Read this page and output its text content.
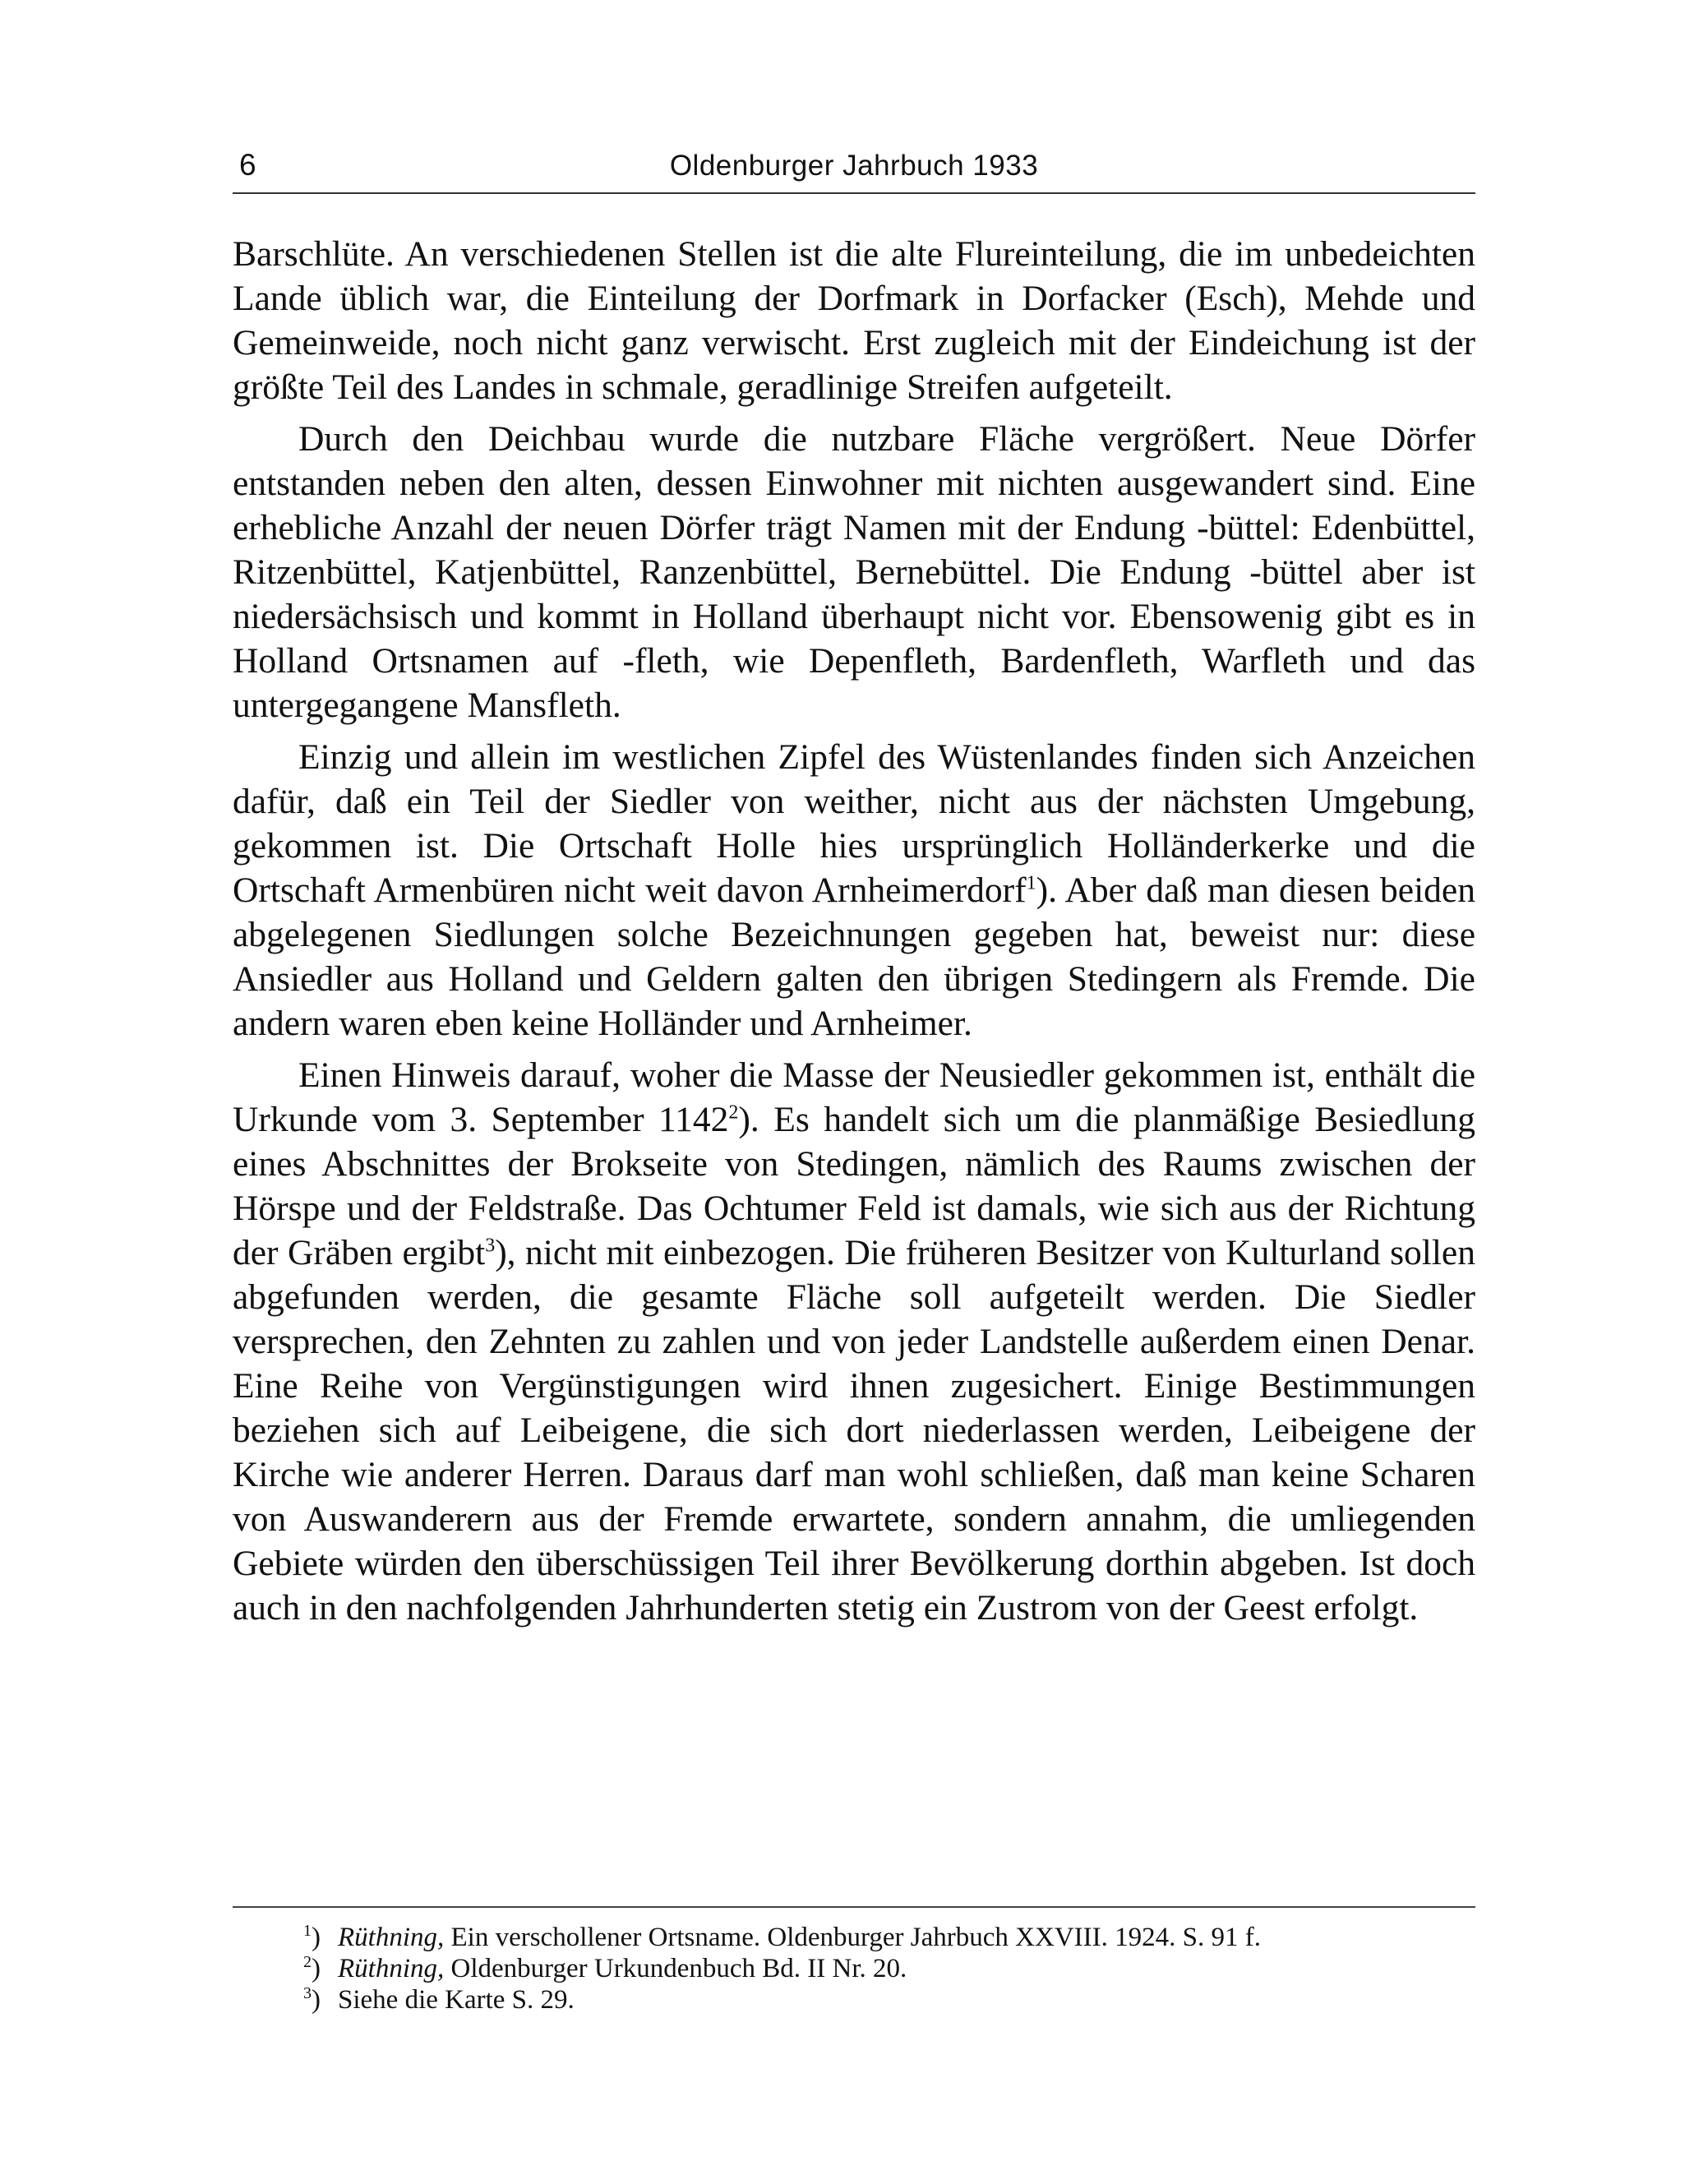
6	Oldenburger Jahrbuch 1933

Barschlüte. An verschiedenen Stellen ist die alte Flureinteilung, die im unbedeichten Lande üblich war, die Einteilung der Dorfmark in Dorfacker (Esch), Mehde und Gemeinweide, noch nicht ganz verwischt. Erst zugleich mit der Eindeichung ist der größte Teil des Landes in schmale, geradlinige Streifen aufgeteilt.

Durch den Deichbau wurde die nutzbare Fläche vergrößert. Neue Dörfer entstanden neben den alten, dessen Einwohner mit nichten ausgewandert sind. Eine erhebliche Anzahl der neuen Dörfer trägt Namen mit der Endung -büttel: Edenbüttel, Ritzenbüttel, Katjenbüttel, Ranzenbüttel, Bernebüttel. Die Endung -büttel aber ist niedersächsisch und kommt in Holland überhaupt nicht vor. Ebensowenig gibt es in Holland Ortsnamen auf -fleth, wie Depenfleth, Bardenfleth, Warfleth und das untergegangene Mansfleth.

Einzig und allein im westlichen Zipfel des Wüstenlandes finden sich Anzeichen dafür, daß ein Teil der Siedler von weither, nicht aus der nächsten Umgebung, gekommen ist. Die Ortschaft Holle hies ursprünglich Holländerkerke und die Ortschaft Armenbüren nicht weit davon Arnheimerdorf$^1$). Aber daß man diesen beiden abgelegenen Siedlungen solche Bezeichnungen gegeben hat, beweist nur: diese Ansiedler aus Holland und Geldern galten den übrigen Stedingern als Fremde. Die andern waren eben keine Holländer und Arnheimer.

Einen Hinweis darauf, woher die Masse der Neusiedler gekommen ist, enthält die Urkunde vom 3. September 1142$^2$). Es handelt sich um die planmäßige Besiedlung eines Abschnittes der Brokseite von Stedingen, nämlich des Raums zwischen der Hörspe und der Feldstraße. Das Ochtumer Feld ist damals, wie sich aus der Richtung der Gräben ergibt$^3$), nicht mit einbezogen. Die früheren Besitzer von Kulturland sollen abgefunden werden, die gesamte Fläche soll aufgeteilt werden. Die Siedler versprechen, den Zehnten zu zahlen und von jeder Landstelle außerdem einen Denar. Eine Reihe von Vergünstigungen wird ihnen zugesichert. Einige Bestimmungen beziehen sich auf Leibeigene, die sich dort niederlassen werden, Leibeigene der Kirche wie anderer Herren. Daraus darf man wohl schließen, daß man keine Scharen von Auswanderern aus der Fremde erwartete, sondern annahm, die umliegenden Gebiete würden den überschüssigen Teil ihrer Bevölkerung dorthin abgeben. Ist doch auch in den nachfolgenden Jahrhunderten stetig ein Zustrom von der Geest erfolgt.

$^1$) Rüthning, Ein verschollener Ortsname. Oldenburger Jahrbuch XXVIII. 1924. S. 91 f.

$^2$) Rüthning, Oldenburger Urkundenbuch Bd. II Nr. 20.

$^3$) Siehe die Karte S. 29.
